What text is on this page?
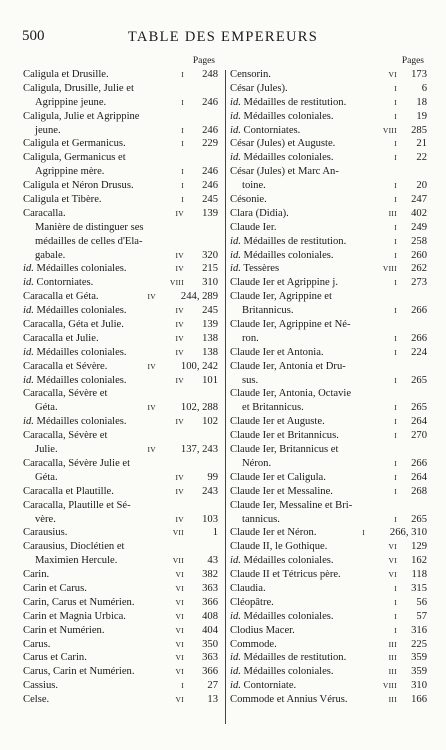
500	TABLE DES EMPEREURS
Pages
Caligula et Drusille.	I 248
Caligula, Drusille, Julie et
Agrippine jeune.	I 246
Caligula, Julie et Agrippine
jeune.	I 246
Caligula et Germanicus.	I 229
Caligula, Germanicus et
Agrippine mère.	I 246
Caligula et Néron Drusus.	I 246
Caligula et Tibère.	I 245
Caracalla.	IV 139
Manière de distinguer ses
médailles de celles d'Ela-
gabale.	IV 320
id. Médailles coloniales.	IV 215
id. Contorniates.	VIII 310
Caracalla et Géta.	IV 244, 289
id. Médailles coloniales.	IV 245
Caracalla, Géta et Julie.	IV 139
Caracalla et Julie.	IV 138
id. Médailles coloniales.	IV 138
Caracalla et Sévère.	IV 100, 242
id. Médailles coloniales.	IV 101
Caracalla, Sévère et
Géta.	IV 102, 288
id. Médailles coloniales.	IV 102
Caracalla, Sévère et
Julie.	IV 137, 243
Caracalla, Sévère Julie et
Géta.	IV 99
Caracalla et Plautille.	IV 243
Caracalla, Plautille et Sé-
vère.	IV 103
Carausius.	VII	1
Carausius, Dioclétien et
Maximien Hercule.	VII 43
Carin.	VI 382
Carin et Carus.	VI 363
Carin, Carus et Numérien.	VI 366
Carin et Magnia Urbica.	VI 408
Carin et Numérien.	VI 404
Carus.	VI 350
Carus et Carin.	VI 363
Carus, Carin et Numérien.	VI 366
Cassius.	I 27
Celse.	VI 13
Pages
Censorin.	VI 173
César (Jules).	I 6
id. Médailles de restitution.	I 18
id. Médailles coloniales.	I 19
id. Contorniates.	VIII 285
César (Jules) et Auguste.	I 21
id. Médailles coloniales.	I 22
César (Jules) et Marc An-
toine.	I 20
Césonie.	I 247
Clara (Didia).	III 402
Claude Ier.	I 249
id. Médailles de restitution.	I 258
id. Médailles coloniales.	I 260
id. Tessères	VIII 262
Claude Ier et Agrippine j.	I 273
Claude Ier, Agrippine et
Britannicus.	I 266
Claude Ier, Agrippine et Né-
ron.	I 266
Claude Ier et Antonia.	I 224
Claude Ier, Antonia et Dru-
sus.	I 265
Claude Ier, Antonia, Octavie
et Britannicus.	I 265
Claude Ier et Auguste.	I 264
Claude Ier et Britannicus.	I 270
Claude Ier, Britannicus et
Néron.	I 266
Claude Ier et Caligula.	I 264
Claude Ier et Messaline.	I 268
Claude Ier, Messaline et Bri-
tannicus.	I 265
Claude Ier et Néron.	I 266, 310
Claude II, le Gothique.	VI 129
id. Médailles coloniales.	VI 162
Claude II et Tétricus père.	VI 118
Claudia.	I 315
Cléopâtre.	I 56
id. Médailles coloniales.	I 57
Clodius Macer.	I 316
Commode.	III 225
id. Médailles de restitution.	III 359
id. Médailles coloniales.	III 359
id. Contorniate.	VIII 310
Commode et Annius Vérus.	III 166
